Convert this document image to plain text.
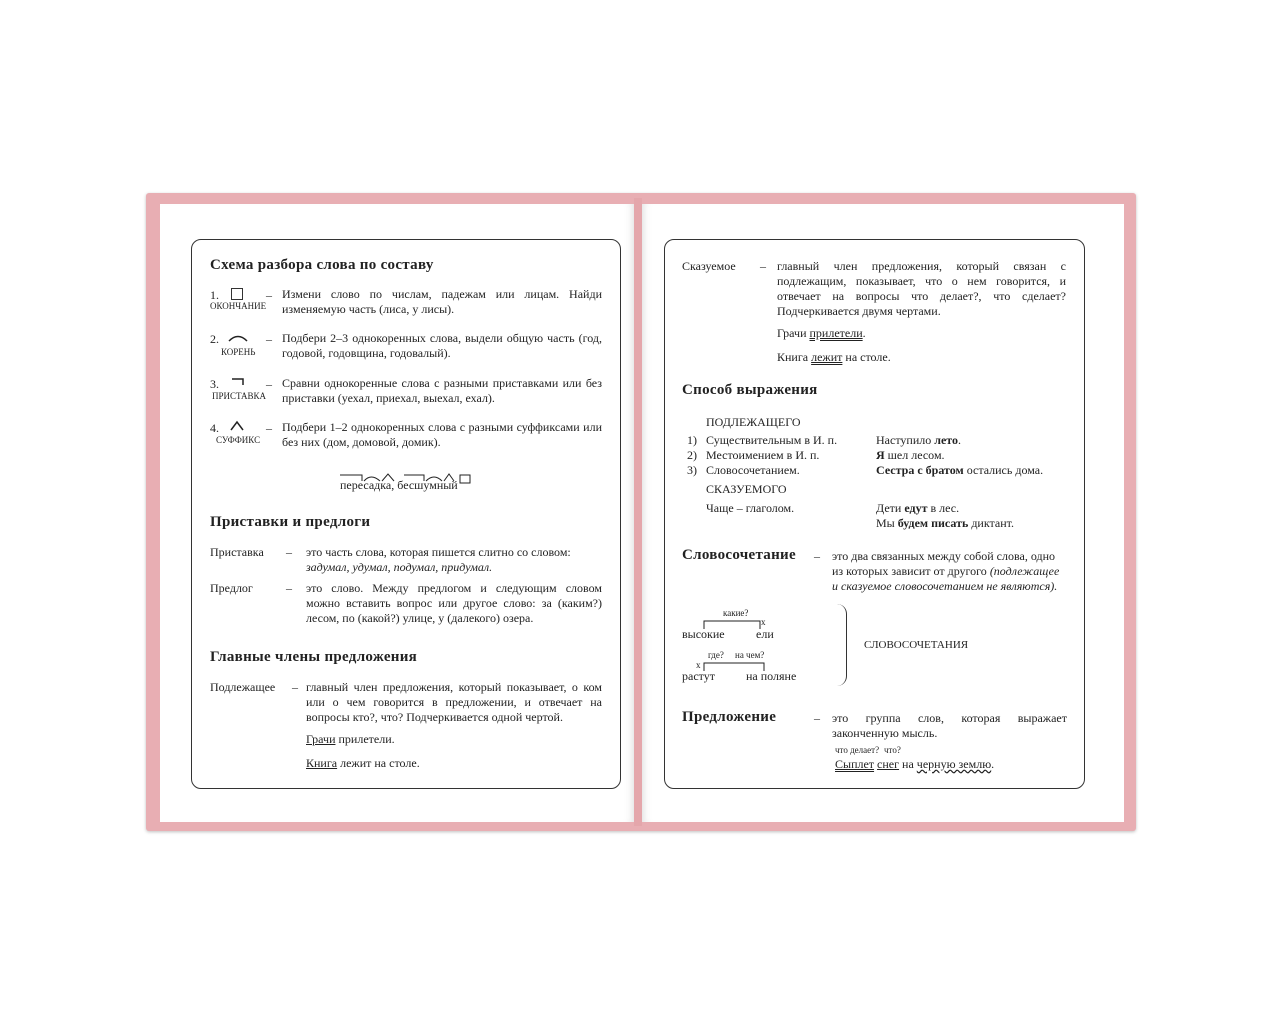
Схема разбора слова по составу
1.
ОКОНЧАНИЕ
– Измени слово по числам, падежам или лицам. Найди изменяемую часть (лиса, у лисы).
2.
КОРЕНЬ
– Подбери 2–3 однокоренных слова, выдели общую часть (год, годовой, годовщина, годовалый).
3.
ПРИСТАВКА
– Сравни однокоренные слова с разными приставками или без приставки (уехал, приехал, выехал, ехал).
4.
СУФФИКС
– Подбери 1–2 однокоренных слова с разными суффиксами или без них (дом, домовой, домик).
пересадка, бесшумный
Приставки и предлоги
Приставка – это часть слова, которая пишется слитно со словом:
задумал, удумал, подумал, придумал.
Предлог	– это слово. Между предлогом и следующим словом можно вставить вопрос или другое слово: за (каким?) лесом, по (какой?) улице, у (далекого) озера.
Главные члены предложения
Подлежащее – главный член предложения, который показывает, о ком или о чем говорится в предложении, и отвечает на вопросы кто?, что? Подчеркивается одной чертой.
Грачи прилетели.
Книга лежит на столе.
Сказуемое – главный член предложения, который связан с подлежащим, показывает, что о нем говорится, и отвечает на вопросы что делает?, что сделает? Подчеркивается двумя чертами.
Грачи прилетели.
Книга лежит на столе.
Способ выражения
ПОДЛЕЖАЩЕГО
1) Существительным в И. п.	Наступило лето.
2) Местоимением в И. п.	Я шел лесом.
3) Словосочетанием.	Сестра с братом остались дома.
СКАЗУЕМОГО
Чаще – глаголом.	Дети едут в лес.
Мы будем писать диктант.
Словосочетание – это два связанных между собой слова, одно из которых зависит от другого (подлежащее и сказуемое словосочетанием не являются).
какие?
x
высокие	ели
где? на чем?
x
растут	на поляне
СЛОВОСОЧЕТАНИЯ
Предложение	– это группа слов, которая выражает законченную мысль.
что делает? что?
Сыплет снег на черную землю.
